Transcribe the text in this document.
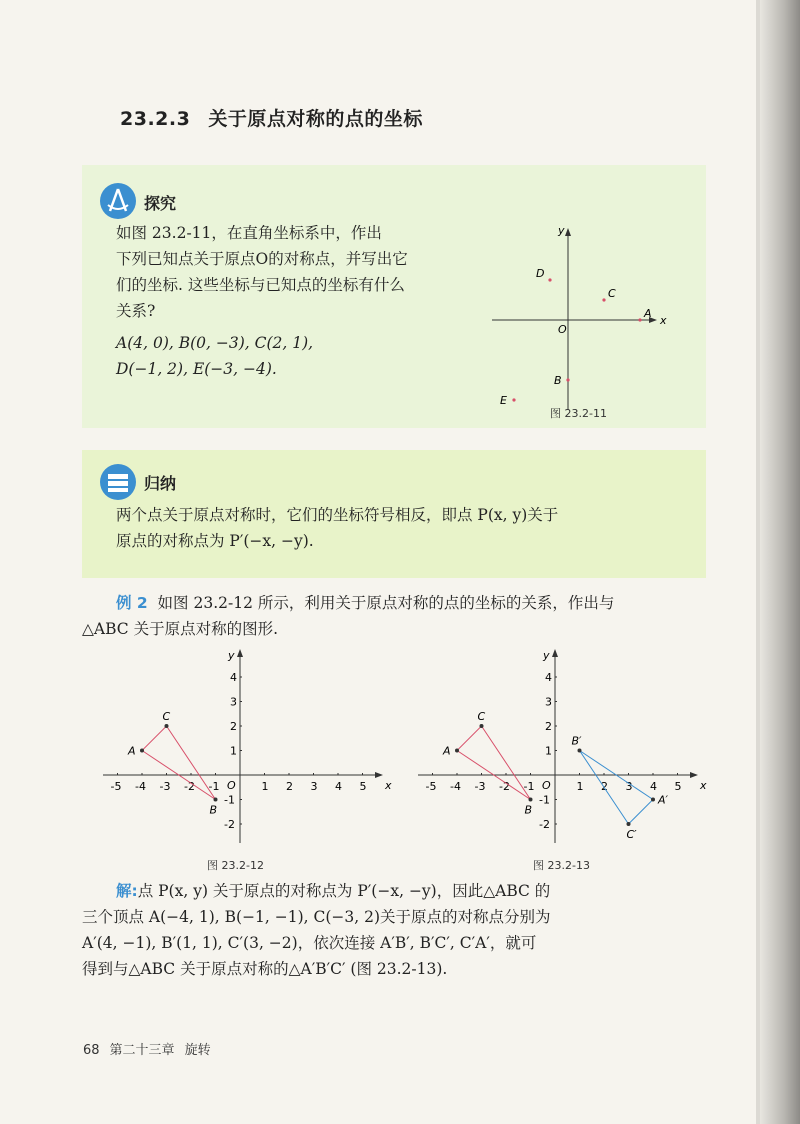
23.2.3 关于原点对称的点的坐标
探究
如图 23.2-11，在直角坐标系中，作出
下列已知点关于原点O的对称点，并写出它
们的坐标. 这些坐标与已知点的坐标有什么
关系?
A(4, 0), B(0, −3), C(2, 1),
D(−1, 2), E(−3, −4).
x
y
O
A
B
C
D
E
图 23.2-11
归纳
两个点关于原点对称时，它们的坐标符号相反，即点 P(x, y)关于
原点的对称点为 P′(−x, −y).
例 2 如图 23.2-12 所示，利用关于原点对称的点的坐标的关系，作出与
△ABC 关于原点对称的图形.
x
y
O
-5 -4 -3 -2 -1	1 2 3 4 5
4
3
2
1
-1
-2
A
B
C
图 23.2-12
x
y
O
-5 -4 -3 -2 -1	1 2 3 4 5
4
3
2
1
-1
-2
A
B
C
A′
B′
C′
图 23.2-13
解:点 P(x, y) 关于原点的对称点为 P′(−x, −y)，因此△ABC 的
三个顶点 A(−4, 1), B(−1, −1), C(−3, 2)关于原点的对称点分别为
A′(4, −1), B′(1, 1), C′(3, −2)，依次连接 A′B′, B′C′, C′A′，就可
得到与△ABC 关于原点对称的△A′B′C′ (图 23.2-13).
68 第二十三章 旋转
